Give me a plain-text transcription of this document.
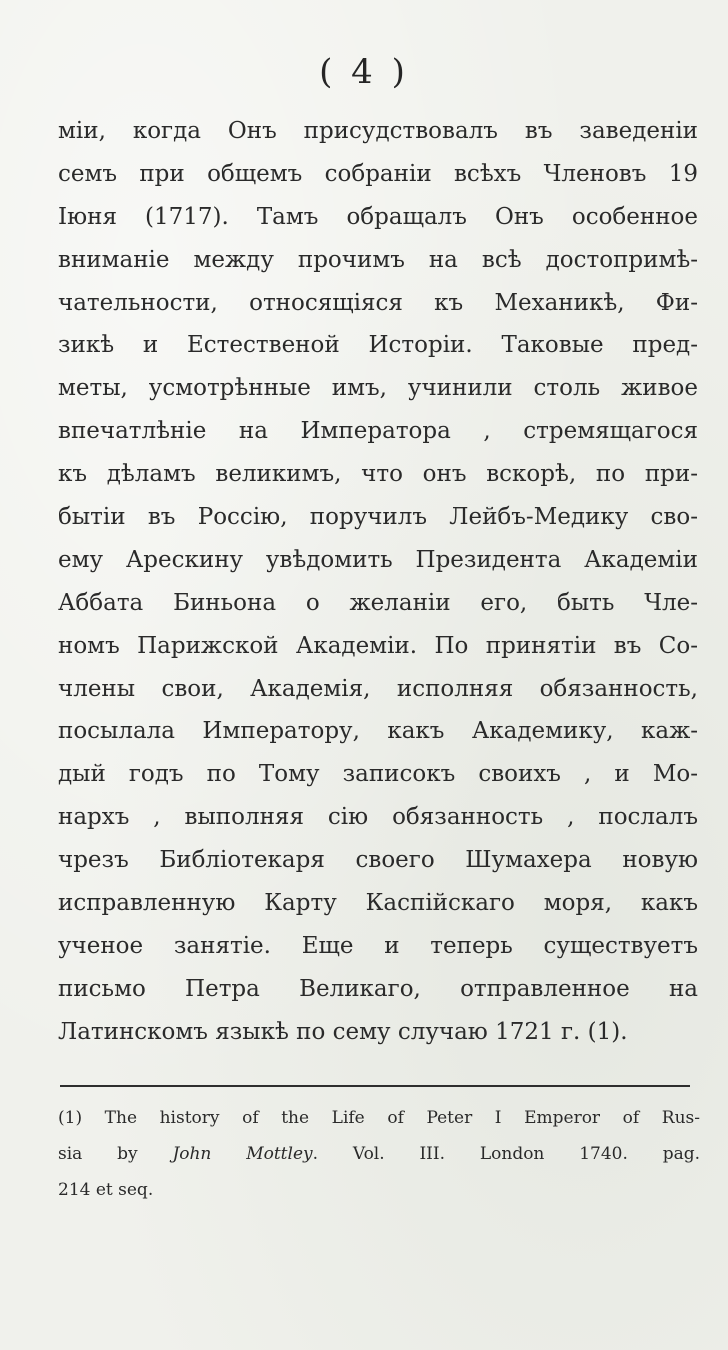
( 4 )
міи, когда Онъ присудствовалъ въ заведеніи
семъ при общемъ собраніи всѣхъ Членовъ 19
Іюня (1717). Тамъ обращалъ Онъ особенное
вниманіе между прочимъ на всѣ достопримѣ-
чательности, относящіяся къ Механикѣ, Фи-
зикѣ и Естественой Исторіи. Таковые пред-
меты, усмотрѣнные имъ, учинили столь живое
впечатлѣніе на Императора , стремящагося
къ дѣламъ великимъ, что онъ вскорѣ, по при-
бытіи въ Россію, поручилъ Лейбъ-Медику сво-
ему Арескину увѣдомить Президента Академіи
Аббата Биньона о желаніи его, быть Чле-
номъ Парижской Академіи. По принятіи въ Со-
члены свои, Академія, исполняя обязанность,
посылала Императору, какъ Академику, каж-
дый годъ по Тому записокъ своихъ , и Мо-
нархъ , выполняя сію обязанность , послалъ
чрезъ Библіотекаря своего Шумахера новую
исправленную Карту Каспійскаго моря, какъ
ученое занятіе. Еще и теперь существуетъ
письмо Петра Великаго, отправленное на
Латинскомъ языкѣ по сему случаю 1721 г. (1).
(1) The history of the Life of Peter I Emperor of Rus-
sia by John Mottley. Vol. III. London 1740. pag.
214 et seq.
